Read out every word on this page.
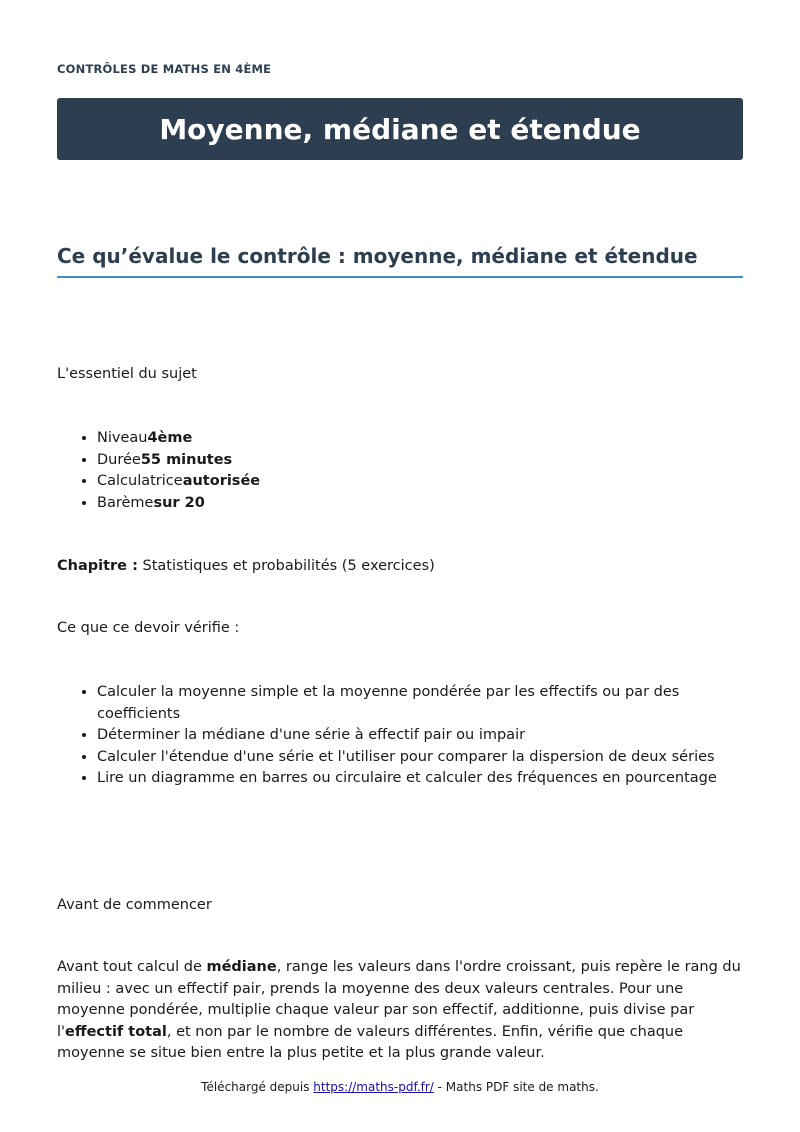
CONTRÔLES DE MATHS EN 4ÈME
Moyenne, médiane et étendue
Ce qu’évalue le contrôle : moyenne, médiane et étendue
L'essentiel du sujet
• Niveau4ème
• Durée55 minutes
• Calculatriceautorisée
• Barèmesur 20
Chapitre : Statistiques et probabilités (5 exercices)
Ce que ce devoir vérifie :
• Calculer la moyenne simple et la moyenne pondérée par les effectifs ou par des coefficients
• Déterminer la médiane d'une série à effectif pair ou impair
• Calculer l'étendue d'une série et l'utiliser pour comparer la dispersion de deux séries
• Lire un diagramme en barres ou circulaire et calculer des fréquences en pourcentage
Avant de commencer
Avant tout calcul de médiane, range les valeurs dans l'ordre croissant, puis repère le rang du milieu : avec un effectif pair, prends la moyenne des deux valeurs centrales. Pour une moyenne pondérée, multiplie chaque valeur par son effectif, additionne, puis divise par l'effectif total, et non par le nombre de valeurs différentes. Enfin, vérifie que chaque moyenne se situe bien entre la plus petite et la plus grande valeur.
Téléchargé depuis https://maths-pdf.fr/ - Maths PDF site de maths.
